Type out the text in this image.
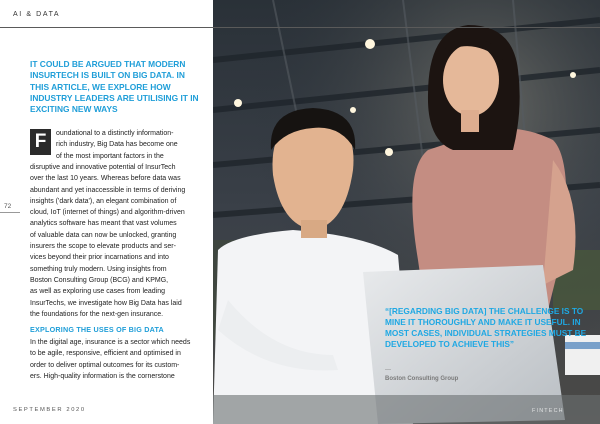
“[REGARDING BIG DATA] THE CHALLENGE IS TO MINE IT THOROUGHLY AND MAKE IT USEFUL. IN MOST CASES, INDIVIDUAL STRATEGIES MUST BE DEVELOPED TO ACHIEVE THIS”

—
Boston Consulting Group
FINTECH
AI & DATA
IT COULD BE ARGUED THAT MODERN INSURTECH IS BUILT ON BIG DATA. IN THIS ARTICLE, WE EXPLORE HOW INDUSTRY LEADERS ARE UTILISING IT IN EXCITING NEW WAYS
F	oundational to a distinctly information-
rich industry, Big Data has become one
of the most important factors in the
disruptive and innovative potential of InsurTech
over the last 10 years. Whereas before data was
abundant and yet inaccessible in terms of deriving
insights ('dark data'), an elegant combination of
cloud, IoT (internet of things) and algorithm-driven
analytics software has meant that vast volumes
of valuable data can now be unlocked, granting
insurers the scope to elevate products and ser-
vices beyond their prior incarnations and into
something truly modern. Using insights from
Boston Consulting Group (BCG) and KPMG,
as well as exploring use cases from leading
InsurTechs, we investigate how Big Data has laid
the foundations for the next-gen insurance.
EXPLORING THE USES OF BIG DATA
In the digital age, insurance is a sector which needs
to be agile, responsive, efficient and optimised in
order to deliver optimal outcomes for its custom-
ers. High-quality information is the cornerstone
72
SEPTEMBER 2020
